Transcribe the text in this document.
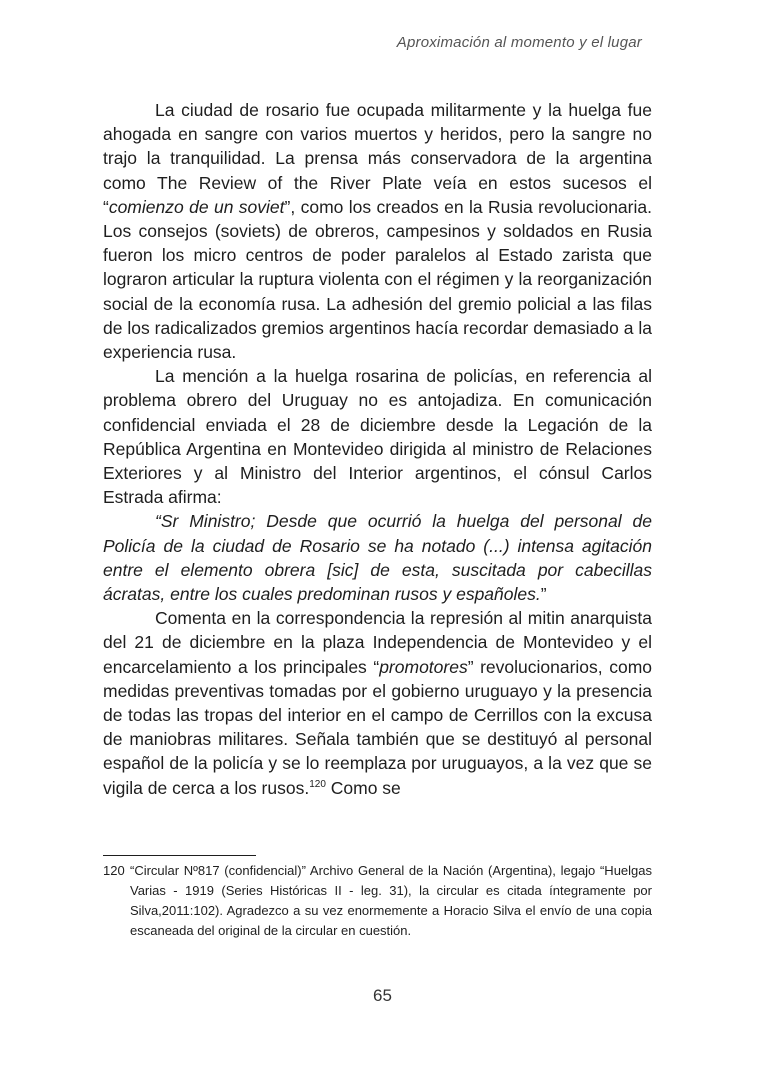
Aproximación al momento y el lugar

La ciudad de rosario fue ocupada militarmente y la huelga fue ahogada en sangre con varios muertos y heridos, pero la sangre no trajo la tranquilidad. La prensa más conservadora de la argentina como The Review of the River Plate veía en estos sucesos el “comienzo de un soviet”, como los creados en la Rusia revolucionaria. Los consejos (soviets) de obreros, campesinos y soldados en Rusia fueron los micro centros de poder paralelos al Estado zarista que lograron articular la ruptura violenta con el régimen y la reorganización social de la economía rusa. La adhesión del gremio policial a las filas de los radicalizados gremios argentinos hacía recordar demasiado a la experiencia rusa.

La mención a la huelga rosarina de policías, en referencia al problema obrero del Uruguay no es antojadiza. En comunicación confidencial enviada el 28 de diciembre desde la Legación de la República Argentina en Montevideo dirigida al ministro de Relaciones Exteriores y al Ministro del Interior argentinos, el cónsul Carlos Estrada afirma:

“Sr Ministro; Desde que ocurrió la huelga del personal de Policía de la ciudad de Rosario se ha notado (...) intensa agitación entre el elemento obrera [sic] de esta, suscitada por cabecillas ácratas, entre los cuales predominan rusos y españoles.”

Comenta en la correspondencia la represión al mitin anarquista del 21 de diciembre en la plaza Independencia de Montevideo y el encarcelamiento a los principales “promotores” revolucionarios, como medidas preventivas tomadas por el gobierno uruguayo y la presencia de todas las tropas del interior en el campo de Cerrillos con la excusa de maniobras militares. Señala también que se destituyó al personal español de la policía y se lo reemplaza por uruguayos, a la vez que se vigila de cerca a los rusos.$^{120}$ Como se

120 “Circular Nº817 (confidencial)” Archivo General de la Nación (Argentina), legajo “Huelgas Varias - 1919 (Series Históricas II - leg. 31), la circular es citada íntegramente por Silva,2011:102). Agradezco a su vez enormemente a Horacio Silva el envío de una copia escaneada del original de la circular en cuestión.
65
